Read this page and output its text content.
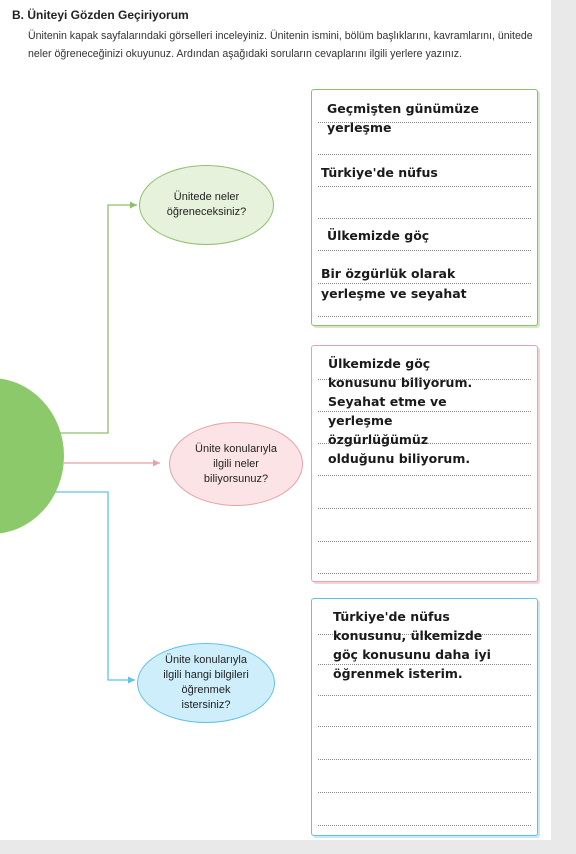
B. Üniteyi Gözden Geçiriyorum
Ünitenin kapak sayfalarındaki görselleri inceleyiniz. Ünitenin ismini, bölüm başlıklarını, kavramlarını, ünitede neler öğreneceğinizi okuyunuz. Ardından aşağıdaki soruların cevaplarını ilgili yerlere yazınız.
Ünitede neler öğreneceksiniz?
Ünite konularıyla ilgili neler biliyorsunuz?
Ünite konularıyla ilgili hangi bilgileri öğrenmek istersiniz?
Geçmişten günümüze
yerleşme
Türkiye'de nüfus
Ülkemizde göç
Bir özgürlük olarak
yerleşme ve seyahat
Ülkemizde göç
konusunu biliyorum.
Seyahat etme ve
yerleşme
özgürlüğümüz
olduğunu biliyorum.
Türkiye'de nüfus
konusunu, ülkemizde
göç konusunu daha iyi
öğrenmek isterim.
